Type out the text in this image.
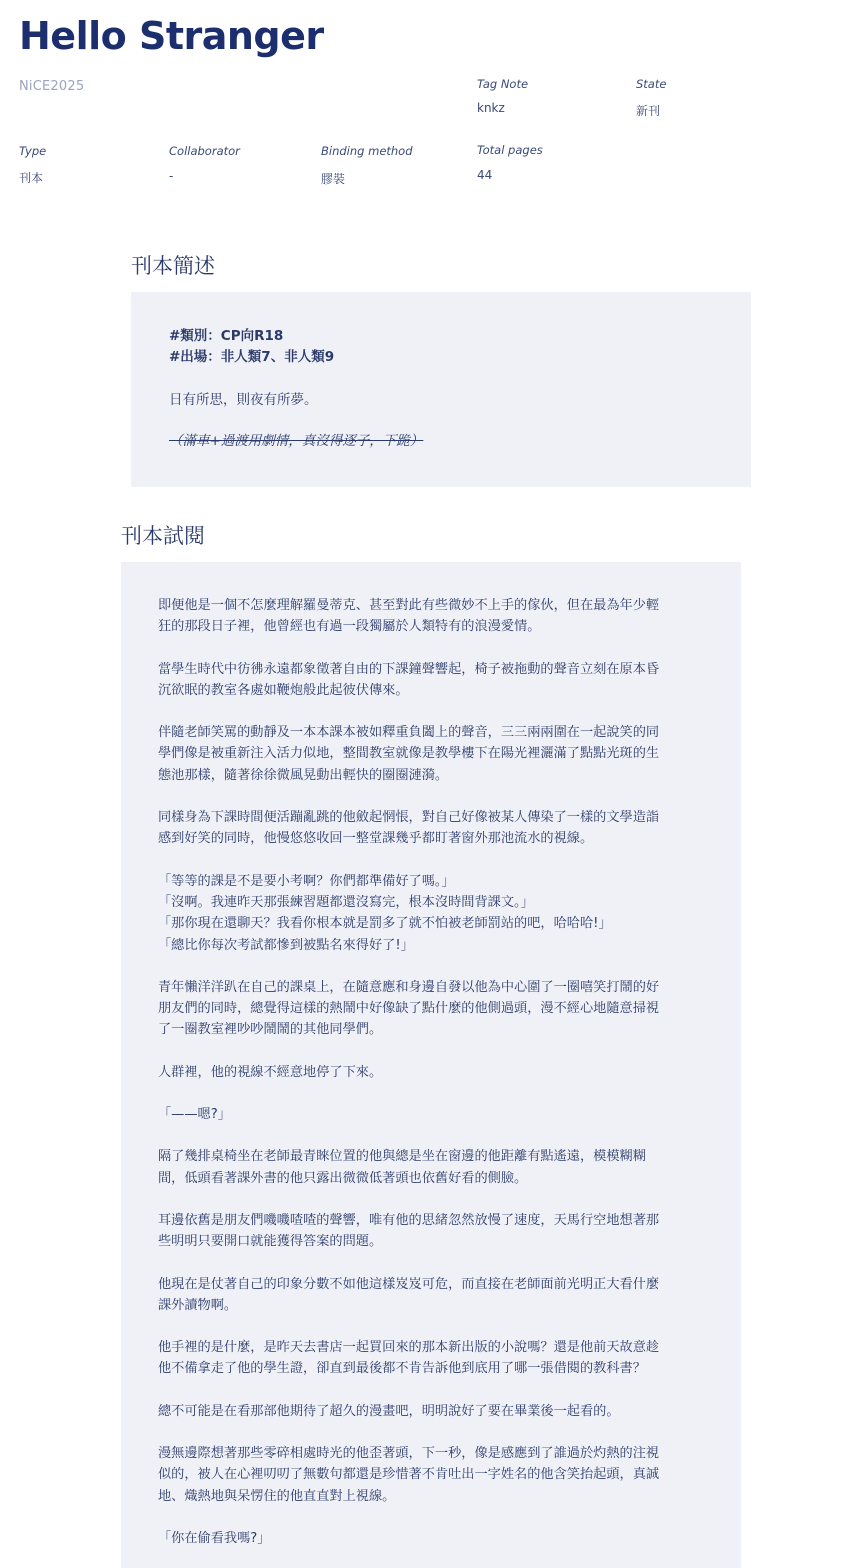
Hello Stranger
NiCE2025	Tag Note
knkz
State
新刊
Type
刊本
Collaborator
-
Binding method
膠裝
Total pages
44
刊本簡述
#類別：CP向R18
#出場：非人類7、非人類9
日有所思，則夜有所夢。
（滿車+過渡用劇情，真沒得逐子，下跪）
刊本試閱

即便他是一個不怎麼理解羅曼蒂克、甚至對此有些微妙不上手的傢伙，但在最為年少輕
狂的那段日子裡，他曾經也有過一段獨屬於人類特有的浪漫愛情。

當學生時代中彷彿永遠都象徵著自由的下課鐘聲響起，椅子被拖動的聲音立刻在原本昏
沉欲眠的教室各處如鞭炮般此起彼伏傳來。

伴隨老師笑罵的動靜及一本本課本被如釋重負闔上的聲音，三三兩兩圍在一起說笑的同
學們像是被重新注入活力似地，整間教室就像是教學樓下在陽光裡灑滿了點點光斑的生
態池那樣，隨著徐徐微風晃動出輕快的圈圈漣漪。

同樣身為下課時間便活蹦亂跳的他斂起惘悵，對自己好像被某人傳染了一樣的文學造詣
感到好笑的同時，他慢悠悠收回一整堂課幾乎都盯著窗外那池流水的視線。

「等等的課是不是要小考啊？你們都準備好了嗎。」
「沒啊。我連昨天那張練習題都還沒寫完，根本沒時間背課文。」
「那你現在還聊天？我看你根本就是罰多了就不怕被老師罰站的吧，哈哈哈!」
「總比你每次考試都慘到被點名來得好了!」

青年懶洋洋趴在自己的課桌上，在隨意應和身邊自發以他為中心圍了一圈嘻笑打鬧的好
朋友們的同時，總覺得這樣的熱鬧中好像缺了點什麼的他側過頭，漫不經心地隨意掃視
了一圈教室裡吵吵鬧鬧的其他同學們。

人群裡，他的視線不經意地停了下來。

「——嗯?」

隔了幾排桌椅坐在老師最青睞位置的他與總是坐在窗邊的他距離有點遙遠，模模糊糊
間，低頭看著課外書的他只露出微微低著頭也依舊好看的側臉。

耳邊依舊是朋友們嘰嘰喳喳的聲響，唯有他的思緒忽然放慢了速度，天馬行空地想著那
些明明只要開口就能獲得答案的問題。

他現在是仗著自己的印象分數不如他這樣岌岌可危，而直接在老師面前光明正大看什麼
課外讀物啊。

他手裡的是什麼，是昨天去書店一起買回來的那本新出版的小說嗎？還是他前天故意趁
他不備拿走了他的學生證，卻直到最後都不肯告訴他到底用了哪一張借閱的教科書？

總不可能是在看那部他期待了超久的漫畫吧，明明說好了要在畢業後一起看的。

漫無邊際想著那些零碎相處時光的他歪著頭，下一秒，像是感應到了誰過於灼熱的注視
似的，被人在心裡叨叨了無數句都還是珍惜著不肯吐出一字姓名的他含笑抬起頭，真誠
地、熾熱地與呆愣住的他直直對上視線。

「你在偷看我嗎?」
